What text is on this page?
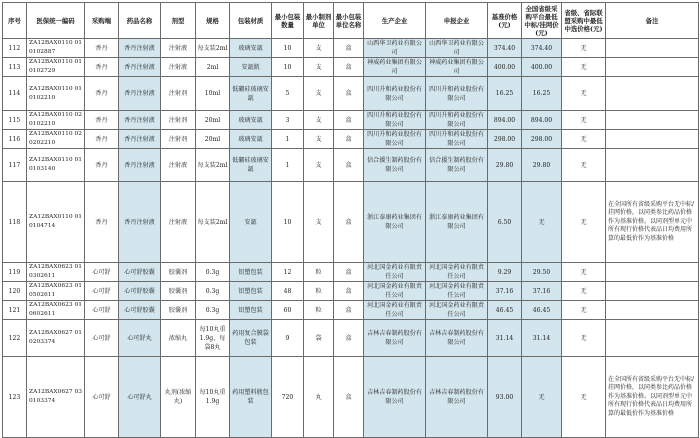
序号	医保统一编码	采购端	药品名称	剂型	规格	包装材质	最小包装数量	最小制剂单位	最小包装单位名称	生产企业	申报企业	基准价格(元)	全国省级采购平台最低中标/挂网价(元)	省级、省际联盟采购中最低中选价格(元)	备注
112	ZA12BAX0110 010102887	香丹	香丹注射液	注射液	每支装2ml	玻璃安瓿	10	支	盒	山西华卫药业有限公司	山西华卫药业有限公司	374.40	374.40	无	
113	ZA12BAX0110 010102729	香丹	香丹注射液	注射液	2ml	安瓿瓶	10	支	盒	神威药业集团有限公司	神威药业集团有限公司	400.00	400.00	无	
114	ZA12BAX0110 010102210	香丹	香丹注射液	注射剂	10ml	低硼硅玻璃安瓿	5	支	盒	四川升和药业股份有限公司	四川升和药业股份有限公司	16.25	16.25	无	
115	ZA12BAX0110 020102210	香丹	香丹注射液	注射剂	20ml	玻璃安瓿	3	支	盒	四川升和药业股份有限公司	四川升和药业股份有限公司	894.00	894.00	无	
116	ZA12BAX0110 020202210	香丹	香丹注射液	注射剂	20ml	玻璃安瓿	1	支	盒	四川升和药业股份有限公司	四川升和药业股份有限公司	298.00	298.00	无	
117	ZA12BAX0110 010103140	香丹	香丹注射液	注射液	每支装2ml	低硼硅玻璃安瓿	1	支	盒	信合援生制药股份有限公司	信合援生制药股份有限公司	29.80	29.80	无	
118	ZA12BAX0110 010104714	香丹	香丹注射液	注射液	每支装2ml	安瓿	10	支	盒	浙江泰康药业集团有限公司	浙江泰康药业集团有限公司	6.50	无	无	在全国所有省级采购平台无中标/挂网价格，以同类参比药品价格作为基准价格。以同剂型单元中所有现行价格代表品日均费用所算的最低价作为基准价格
119	ZA12BAX0623 010302611	心可舒	心可舒胶囊	胶囊剂	0.3g	铝塑包装	12	粒	盒	河北国金药业有限责任公司	河北国金药业有限责任公司	9.29	29.50	无	
120	ZA12BAX0623 010502611	心可舒	心可舒胶囊	胶囊剂	0.3g	铝塑包装	48	粒	盒	河北国金药业有限责任公司	河北国金药业有限责任公司	37.16	37.16	无	
121	ZA12BAX0623 010602611	心可舒	心可舒胶囊	胶囊剂	0.3g	铝塑包装	60	粒	盒	河北国金药业有限责任公司	河北国金药业有限责任公司	46.45	46.45	无	
122	ZA12BAX0627 010203374	心可舒	心可舒丸	浓缩丸	每10丸重1.9g，每袋8丸	药用复合膜袋包装	9	袋	盒	吉林吉春制药股份有限公司	吉林吉春制药股份有限公司	31.14	31.14	无	
123	ZA12BAX0627 030103374	心可舒	心可舒丸	丸剂(浓缩丸)	每10丸重1.9g	药用塑料瓶包装	720	丸	盒	吉林吉春制药股份有限公司	吉林吉春制药股份有限公司	93.00	无	无	在全国所有省级采购平台无中标/挂网价格，以同类参比药品价格作为基准价格。以同剂型单元中所有现行价格代表品日均费用所算的最低价作为基准价格
